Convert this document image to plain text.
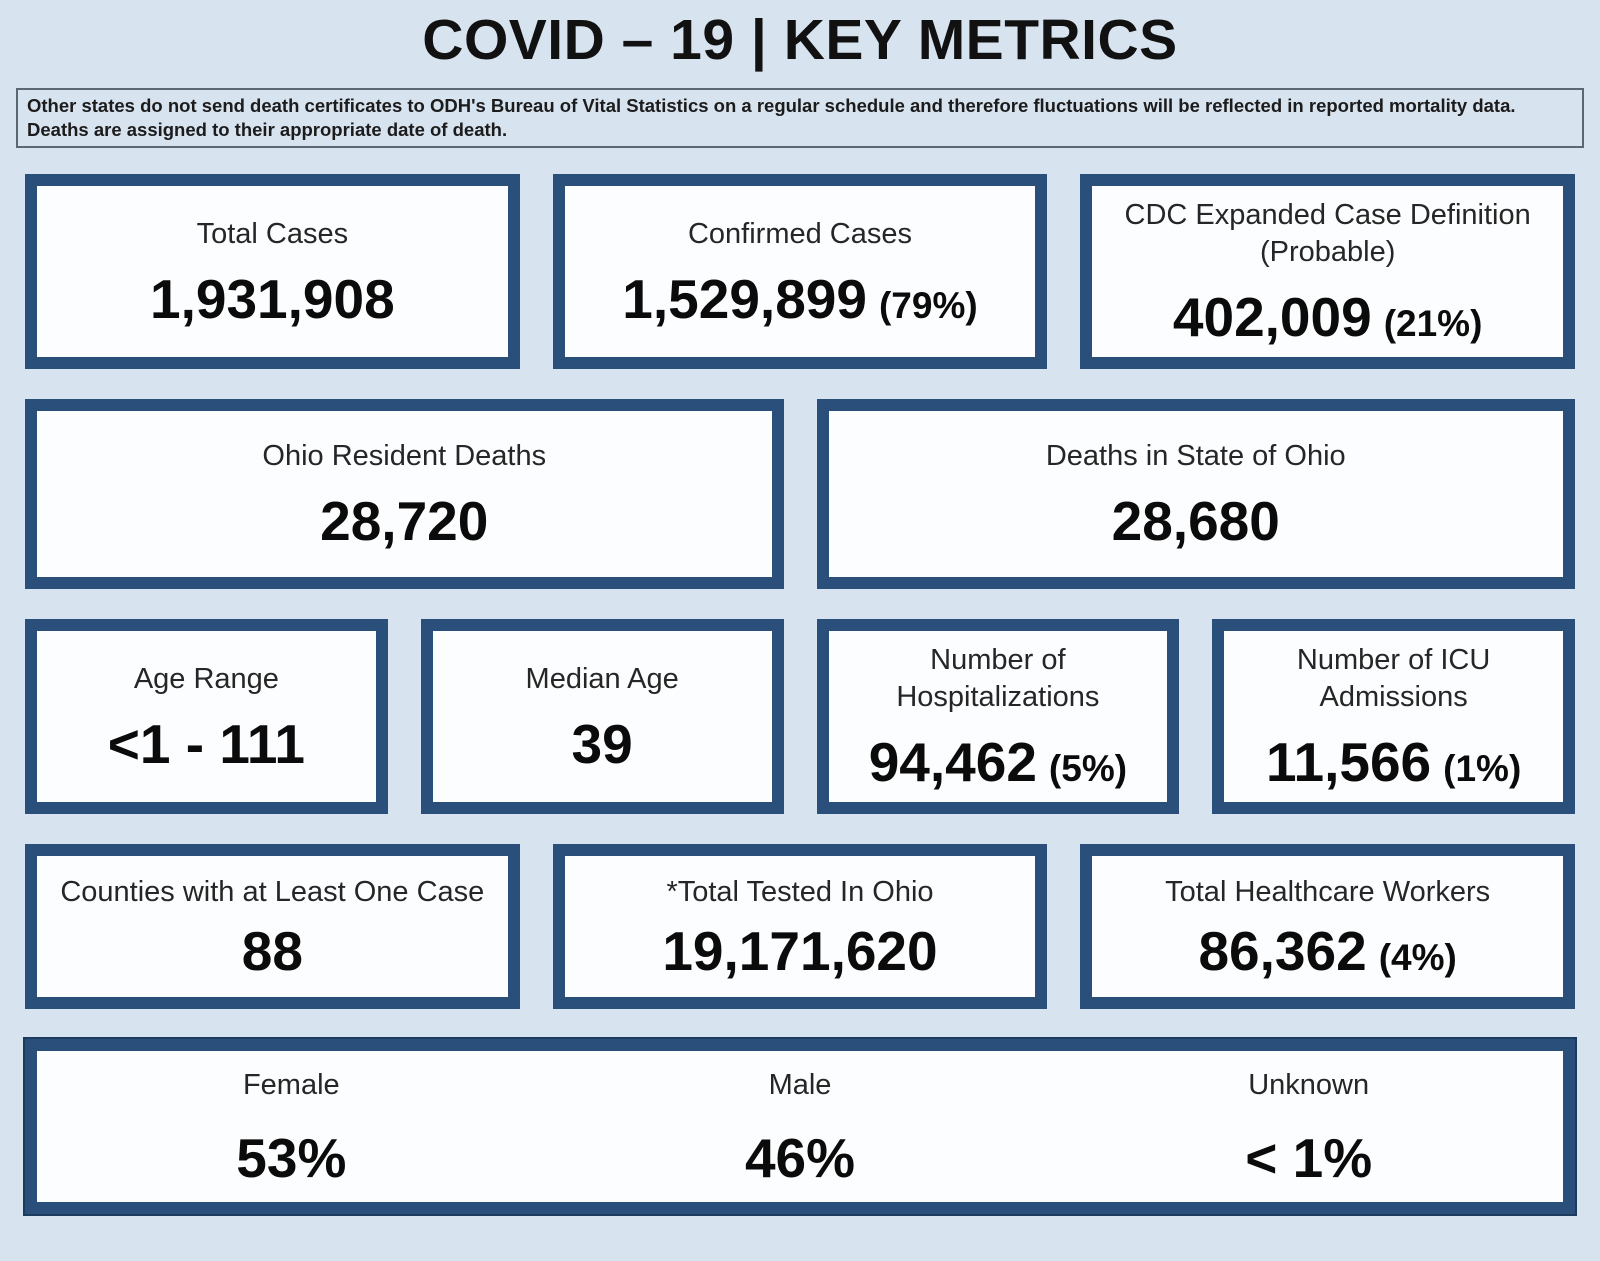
COVID – 19 | KEY METRICS
Other states do not send death certificates to ODH's Bureau of Vital Statistics on a regular schedule and therefore fluctuations will be reflected in reported mortality data. Deaths are assigned to their appropriate date of death.
Total Cases
1,931,908
Confirmed Cases
1,529,899 (79%)
CDC Expanded Case Definition (Probable)
402,009 (21%)
Ohio Resident Deaths
28,720
Deaths in State of Ohio
28,680
Age Range
<1 - 111
Median Age
39
Number of Hospitalizations
94,462 (5%)
Number of ICU Admissions
11,566 (1%)
Counties with at Least One Case
88
*Total Tested In Ohio
19,171,620
Total Healthcare Workers
86,362 (4%)
Female
53%
Male
46%
Unknown
< 1%
